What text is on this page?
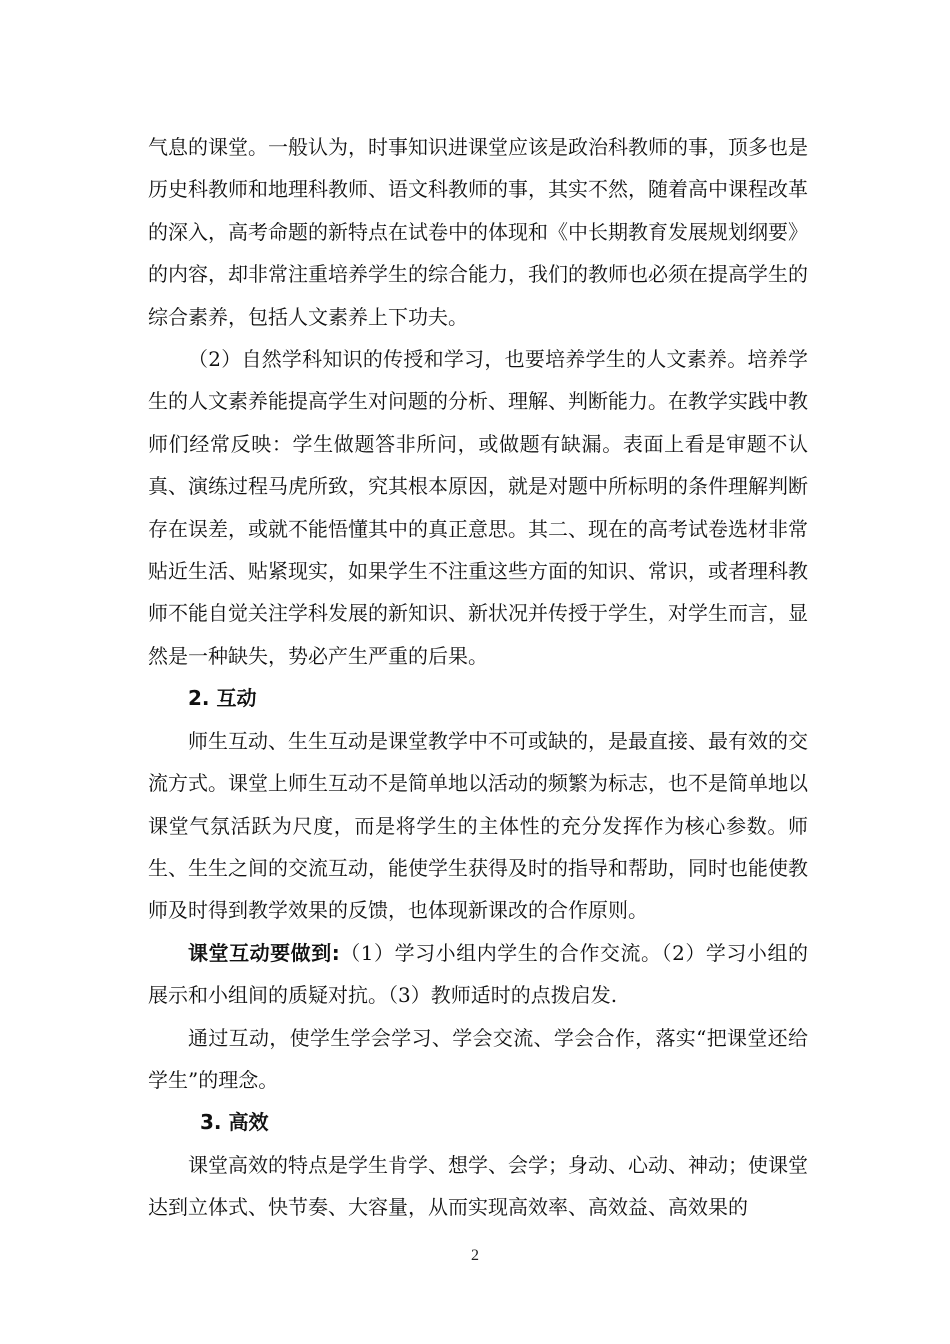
气息的课堂。一般认为，时事知识进课堂应该是政治科教师的事，顶多也是历史科教师和地理科教师、语文科教师的事，其实不然，随着高中课程改革的深入，高考命题的新特点在试卷中的体现和《中长期教育发展规划纲要》的内容，却非常注重培养学生的综合能力，我们的教师也必须在提高学生的综合素养，包括人文素养上下功夫。

（2）自然学科知识的传授和学习，也要培养学生的人文素养。培养学生的人文素养能提高学生对问题的分析、理解、判断能力。在教学实践中教师们经常反映：学生做题答非所问，或做题有缺漏。表面上看是审题不认真、演练过程马虎所致，究其根本原因，就是对题中所标明的条件理解判断存在误差，或就不能悟懂其中的真正意思。其二、现在的高考试卷选材非常贴近生活、贴紧现实，如果学生不注重这些方面的知识、常识，或者理科教师不能自觉关注学科发展的新知识、新状况并传授于学生，对学生而言，显然是一种缺失，势必产生严重的后果。

2. 互动

师生互动、生生互动是课堂教学中不可或缺的，是最直接、最有效的交流方式。课堂上师生互动不是简单地以活动的频繁为标志，也不是简单地以课堂气氛活跃为尺度，而是将学生的主体性的充分发挥作为核心参数。师生、生生之间的交流互动，能使学生获得及时的指导和帮助，同时也能使教师及时得到教学效果的反馈，也体现新课改的合作原则。

课堂互动要做到:（1）学习小组内学生的合作交流。（2）学习小组的展示和小组间的质疑对抗。（3）教师适时的点拨启发.

通过互动，使学生学会学习、学会交流、学会合作，落实“把课堂还给学生”的理念。

3. 高效

课堂高效的特点是学生肯学、想学、会学；身动、心动、神动；使课堂达到立体式、快节奏、大容量，从而实现高效率、高效益、高效果的

2
